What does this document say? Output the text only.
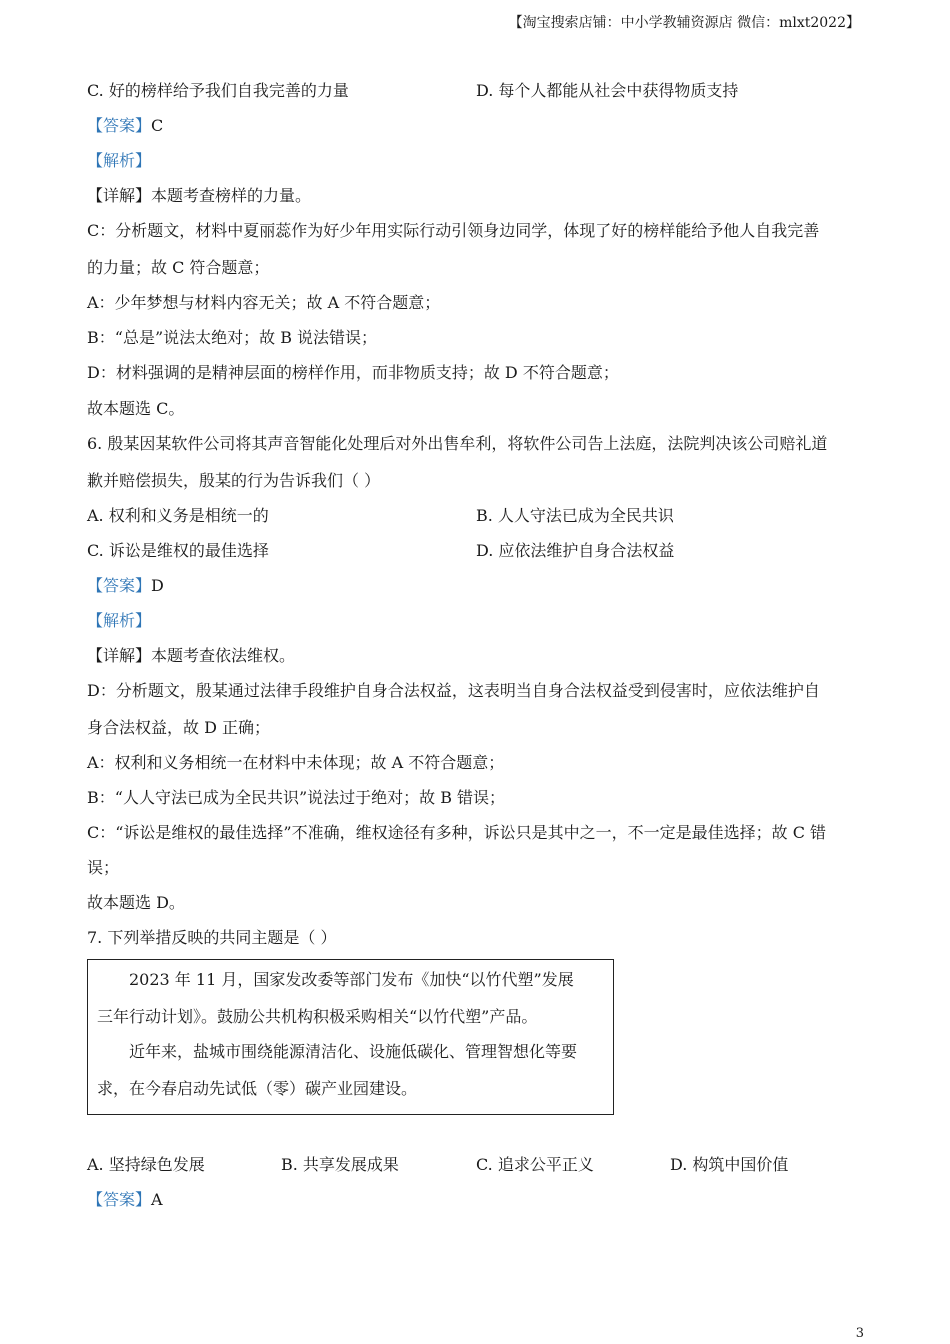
【淘宝搜索店铺：中小学教辅资源店 微信：mlxt2022】
C. 好的榜样给予我们自我完善的力量	D. 每个人都能从社会中获得物质支持
【答案】C
【解析】
【详解】本题考查榜样的力量。
C：分析题文，材料中夏丽蕊作为好少年用实际行动引领身边同学，体现了好的榜样能给予他人自我完善
的力量；故 C 符合题意；
A：少年梦想与材料内容无关；故 A 不符合题意；
B：“总是”说法太绝对；故 B 说法错误；
D：材料强调的是精神层面的榜样作用，而非物质支持；故 D 不符合题意；
故本题选 C。
6. 殷某因某软件公司将其声音智能化处理后对外出售牟利，将软件公司告上法庭，法院判决该公司赔礼道
歉并赔偿损失，殷某的行为告诉我们（ ）
A. 权利和义务是相统一的	B. 人人守法已成为全民共识
C. 诉讼是维权的最佳选择	D. 应依法维护自身合法权益
【答案】D
【解析】
【详解】本题考查依法维权。
D：分析题文，殷某通过法律手段维护自身合法权益，这表明当自身合法权益受到侵害时，应依法维护自
身合法权益，故 D 正确；
A：权利和义务相统一在材料中未体现；故 A 不符合题意；
B：“人人守法已成为全民共识”说法过于绝对；故 B 错误；
C：“诉讼是维权的最佳选择”不准确，维权途径有多种，诉讼只是其中之一，不一定是最佳选择；故 C 错
误；
故本题选 D。
7. 下列举措反映的共同主题是（ ）
2023 年 11 月，国家发改委等部门发布《加快“以竹代塑”发展
三年行动计划》。鼓励公共机构积极采购相关“以竹代塑”产品。
近年来，盐城市围绕能源清洁化、设施低碳化、管理智想化等要
求，在今春启动先试低（零）碳产业园建设。
A. 坚持绿色发展	B. 共享发展成果	C. 追求公平正义	D. 构筑中国价值
【答案】A
3
